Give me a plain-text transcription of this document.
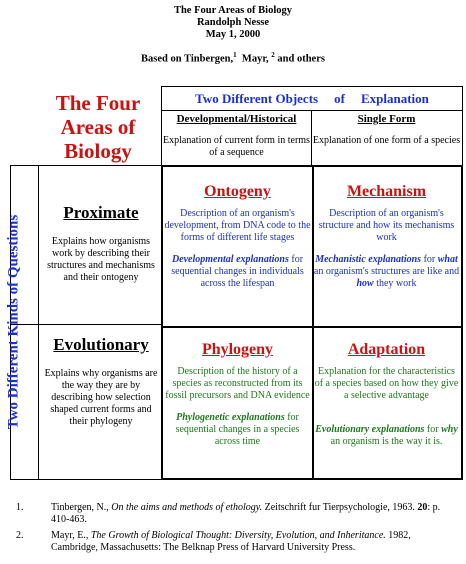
The Four Areas of Biology
Randolph Nesse
May 1, 2000
Based on Tinbergen,$^1$ Mayr, $^2$ and others
The Four Areas of Biology
Two Different Objects of Explanation
Developmental/Historical
Explanation of current form in terms of a sequence
Single Form
Explanation of one form of a species
Two Different Kinds of Questions
Proximate
Explains how organisms work by describing their structures and mechanisms and their ontogeny
Evolutionary
Explains why organisms are the way they are by describing how selection shaped current forms and their phylogeny
Ontogeny
Description of an organism's development, from DNA code to the forms of different life stages
Developmental explanations for sequential changes in individuals across the lifespan
Mechanism
Description of an organism's structure and how its mechanisms work
Mechanistic explanations for what an organism's structures are like and how they work
Phylogeny
Description of the history of a species as reconstructed from its fossil precursors and DNA evidence
Phylogenetic explanations for sequential changes in a species across time
Adaptation
Explanation for the characteristics of a species based on how they give a selective advantage
Evolutionary explanations for why an organism is the way it is.
1.	Tinbergen, N., On the aims and methods of ethology. Zeitschrift fur Tierpsychologie, 1963. 20: p. 410-463.
2.	Mayr, E., The Growth of Biological Thought: Diversity, Evolution, and Inheritance. 1982, Cambridge, Massachusetts: The Belknap Press of Harvard University Press.
